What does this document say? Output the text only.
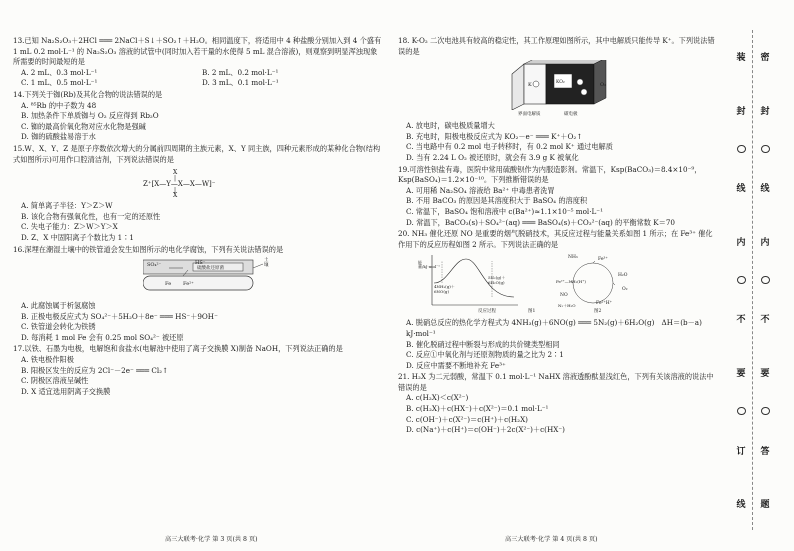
13.已知 Na₂S₂O₃＋2HCl ═══ 2NaCl＋S↓＋SO₂↑＋H₂O。相同温度下，将适用中 4 种盐酸分别加入到 4 个盛有 1 mL 0.2 mol·L⁻¹ 的 Na₂S₂O₃ 溶液的试管中(同时加入若干量的水使得 5 mL 混合溶液)，则观察到明显浑浊现象所需要的时间最短的是
A. 2 mL、0.3 mol·L⁻¹	B. 2 mL、0.2 mol·L⁻¹
C. 1 mL、0.5 mol·L⁻¹	D. 3 mL、0.1 mol·L⁻¹
14.下列关于铷(Rb)及其化合物的说法错误的是
A. ⁸⁵Rb 的中子数为 48
B. 加热条件下单质铷与 O₂ 反应得到 Rb₂O
C. 铷的最高价氧化物对应水化物是强碱
D. 铷的硫酸盐易溶于水
15.W、X、Y、Z 是原子序数依次增大的分属前四周期的主族元素，X、Y 同主族，四种元素形成的某种化合物(结构式如图所示)可用作口腔清洁剂，下列说法错误的是
X
|
Z⁺[X—Y—X—X—W]⁻
|
X
A. 简单离子半径：Y＞Z＞W
B. 该化合物有强氧化性，也有一定的还原性
C. 失电子能力：Z＞W＞Y＞X
D. Z、X 中固阳离子个数比为 1∶1
16.深埋在潮湿土壤中的铁管道会发生如图所示的电化学腐蚀，下列有关说法错误的是
SO₄²⁻	HS⁻
硫酸盐还原菌
土壤
Fe Fe²⁺
A. 此腐蚀属于析氢腐蚀
B. 正极电极反应式为 SO₄²⁻＋5H₂O＋8e⁻ ═══ HS⁻＋9OH⁻
C. 铁管道会转化为铁锈
D. 每消耗 1 mol Fe 会有 0.25 mol SO₄²⁻ 被还原
17.以铁、石墨为电极，电解饱和食盐水(电解池中使用了离子交换膜 X)制备 NaOH，下列说法正确的是
A. 铁电极作阳极
B. 阳极区发生的反应为 2Cl⁻－2e⁻ ═══ Cl₂↑
C. 阴极区溶液呈碱性
D. X 适宜选用阴离子交换膜
18. K-O₂ 二次电池具有较高的稳定性，其工作原理如图所示，其中电解质只能传导 K⁺。下列说法错误的是
K	KO₂	O₂
界面电解质	碳电极
A. 放电时，碳电极质量增大
B. 充电时，阳极电极反应式为 KO₂－e⁻ ═══ K⁺＋O₂↑
C. 当电路中有 0.2 mol 电子转移时，有 0.2 mol K⁺ 通过电解质
D. 当有 2.24 L O₂ 被还原时，就会有 3.9 g K 被氧化
19.可溶性钡盐有毒，医院中常用硫酸钡作为内服造影剂。常温下，Ksp(BaCO₃)＝8.4×10⁻⁹，Ksp(BaSO₄)＝1.2×10⁻¹⁰。下列推断错误的是
A. 可用稀 Na₂SO₄ 溶液给 Ba²⁺ 中毒患者洗胃
B. 不用 BaCO₃ 的原因是其溶度积大于 BaSO₄ 的溶度积
C. 常温下，BaSO₄ 饱和溶液中 c(Ba²⁺)≈1.1×10⁻⁵ mol·L⁻¹
D. 常温下，BaCO₃(s)＋SO₄²⁻(aq) ═══ BaSO₄(s)＋CO₃²⁻(aq) 的平衡常数 K＝70
20. NH₃ 催化还原 NO 是重要的烟气脱硝技术，其反应过程与能量关系如图 1 所示；在 Fe³⁺ 催化作用下的反应历程如图 2 所示。下列说法正确的是
能量/kJ·mol⁻¹
4NH₃(g)＋6NO(g)
5N₂(g)＋6H₂O(g)
反应过程	图1
NH₃	Fe³⁺
H₂O
O₂
Fe²⁺—NH₂(H⁺)
NO
N₂＋H₂O	Fe²⁺H⁺
图2
A. 脱硝总反应的热化学方程式为 4NH₃(g)＋6NO(g) ═══ 5N₂(g)＋6H₂O(g)　ΔH＝(b－a) kJ·mol⁻¹
B. 催化脱硝过程中断裂与形成的共价键类型相同
C. 反应①中氧化剂与还原剂物质的量之比为 2∶1
D. 反应中需要不断地补充 Fe³⁺
21. H₂X 为二元弱酸，常温下 0.1 mol·L⁻¹ NaHX 溶液透酚酞显浅红色，下列有关该溶液的说法中错误的是
A. c(H₂X)＜c(X²⁻)
B. c(H₂X)＋c(HX⁻)＋c(X²⁻)＝0.1 mol·L⁻¹
C. c(OH⁻)＋c(X²⁻)＝c(H⁺)＋c(H₂X)
D. c(Na⁺)＋c(H⁺)＝c(OH⁻)＋2c(X²⁻)＋c(HX⁻)
装
封
线
内
不
要
订
线
密
封
线
内
不
要
答
题
高三大联考·化学 第 3 页(共 8 页)	高三大联考·化学 第 4 页(共 8 页)
